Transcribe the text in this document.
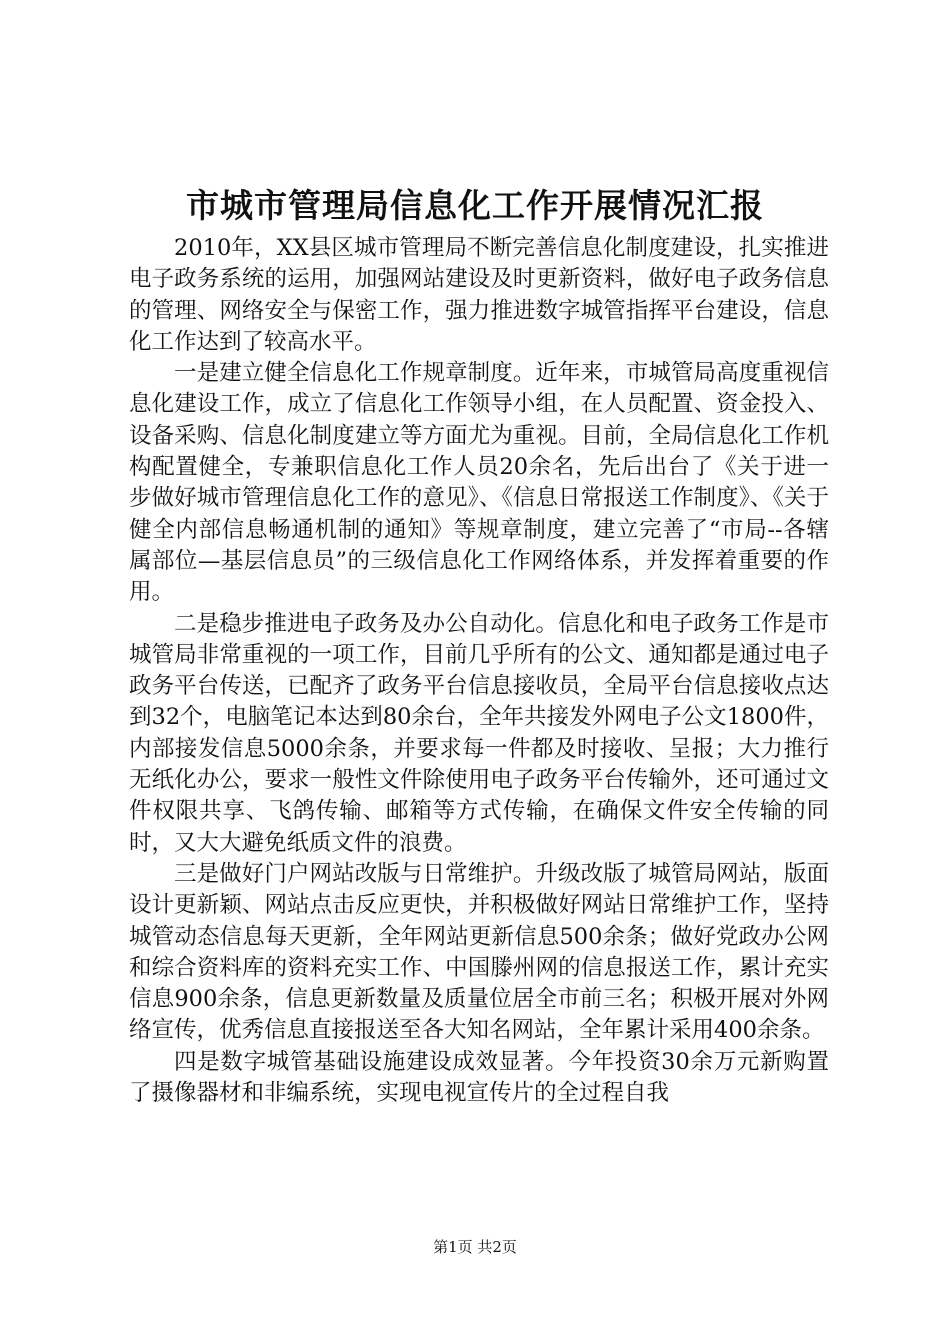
市城市管理局信息化工作开展情况汇报

2010年，XX县区城市管理局不断完善信息化制度建设，扎实推进电子政务系统的运用，加强网站建设及时更新资料，做好电子政务信息的管理、网络安全与保密工作，强力推进数字城管指挥平台建设，信息化工作达到了较高水平。

一是建立健全信息化工作规章制度。近年来，市城管局高度重视信息化建设工作，成立了信息化工作领导小组，在人员配置、资金投入、设备采购、信息化制度建立等方面尤为重视。目前，全局信息化工作机构配置健全，专兼职信息化工作人员20余名，先后出台了《关于进一步做好城市管理信息化工作的意见》、《信息日常报送工作制度》、《关于健全内部信息畅通机制的通知》等规章制度，建立完善了“市局--各辖属部位—基层信息员”的三级信息化工作网络体系，并发挥着重要的作用。

二是稳步推进电子政务及办公自动化。信息化和电子政务工作是市城管局非常重视的一项工作，目前几乎所有的公文、通知都是通过电子政务平台传送，已配齐了政务平台信息接收员，全局平台信息接收点达到32个，电脑笔记本达到80余台，全年共接发外网电子公文1800件，内部接发信息5000余条，并要求每一件都及时接收、呈报；大力推行无纸化办公，要求一般性文件除使用电子政务平台传输外，还可通过文件权限共享、飞鸽传输、邮箱等方式传输，在确保文件安全传输的同时，又大大避免纸质文件的浪费。

三是做好门户网站改版与日常维护。升级改版了城管局网站，版面设计更新颖、网站点击反应更快，并积极做好网站日常维护工作，坚持城管动态信息每天更新，全年网站更新信息500余条；做好党政办公网和综合资料库的资料充实工作、中国滕州网的信息报送工作，累计充实信息900余条，信息更新数量及质量位居全市前三名；积极开展对外网络宣传，优秀信息直接报送至各大知名网站，全年累计采用400余条。

四是数字城管基础设施建设成效显著。今年投资30余万元新购置了摄像器材和非编系统，实现电视宣传片的全过程自我

第1页 共2页
